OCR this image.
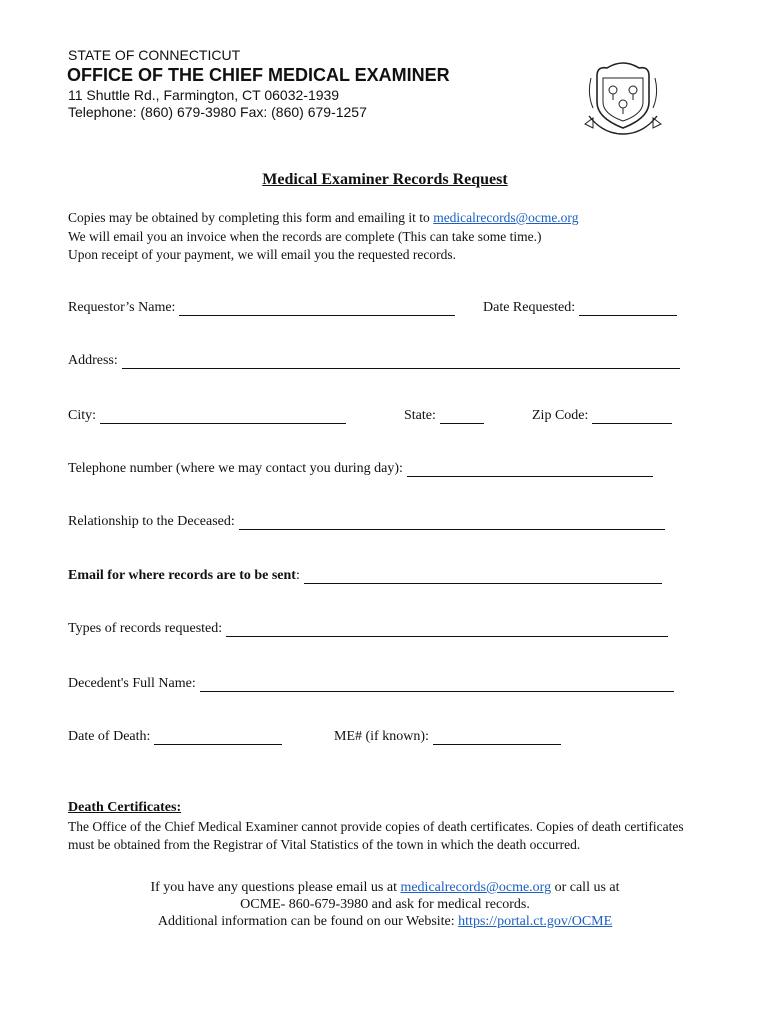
STATE OF CONNECTICUT
OFFICE OF THE CHIEF MEDICAL EXAMINER
11 Shuttle Rd., Farmington, CT 06032-1939
Telephone: (860) 679-3980 Fax: (860) 679-1257
Medical Examiner Records Request
Copies may be obtained by completing this form and emailing it to medicalrecords@ocme.org
We will email you an invoice when the records are complete (This can take some time.)
Upon receipt of your payment, we will email you the requested records.
Requestor’s Name:	Date Requested:
Address:
City:	State:	Zip Code:
Telephone number (where we may contact you during day):
Relationship to the Deceased:
Email for where records are to be sent :
Types of records requested:
Decedent's Full Name:
Date of Death:	ME# (if known):
Death Certificates:
The Office of the Chief Medical Examiner cannot provide copies of death certificates. Copies of death certificates must be obtained from the Registrar of Vital Statistics of the town in which the death occurred.
If you have any questions please email us at medicalrecords@ocme.org or call us at
OCME- 860-679-3980 and ask for medical records.
Additional information can be found on our Website: https://portal.ct.gov/OCME
